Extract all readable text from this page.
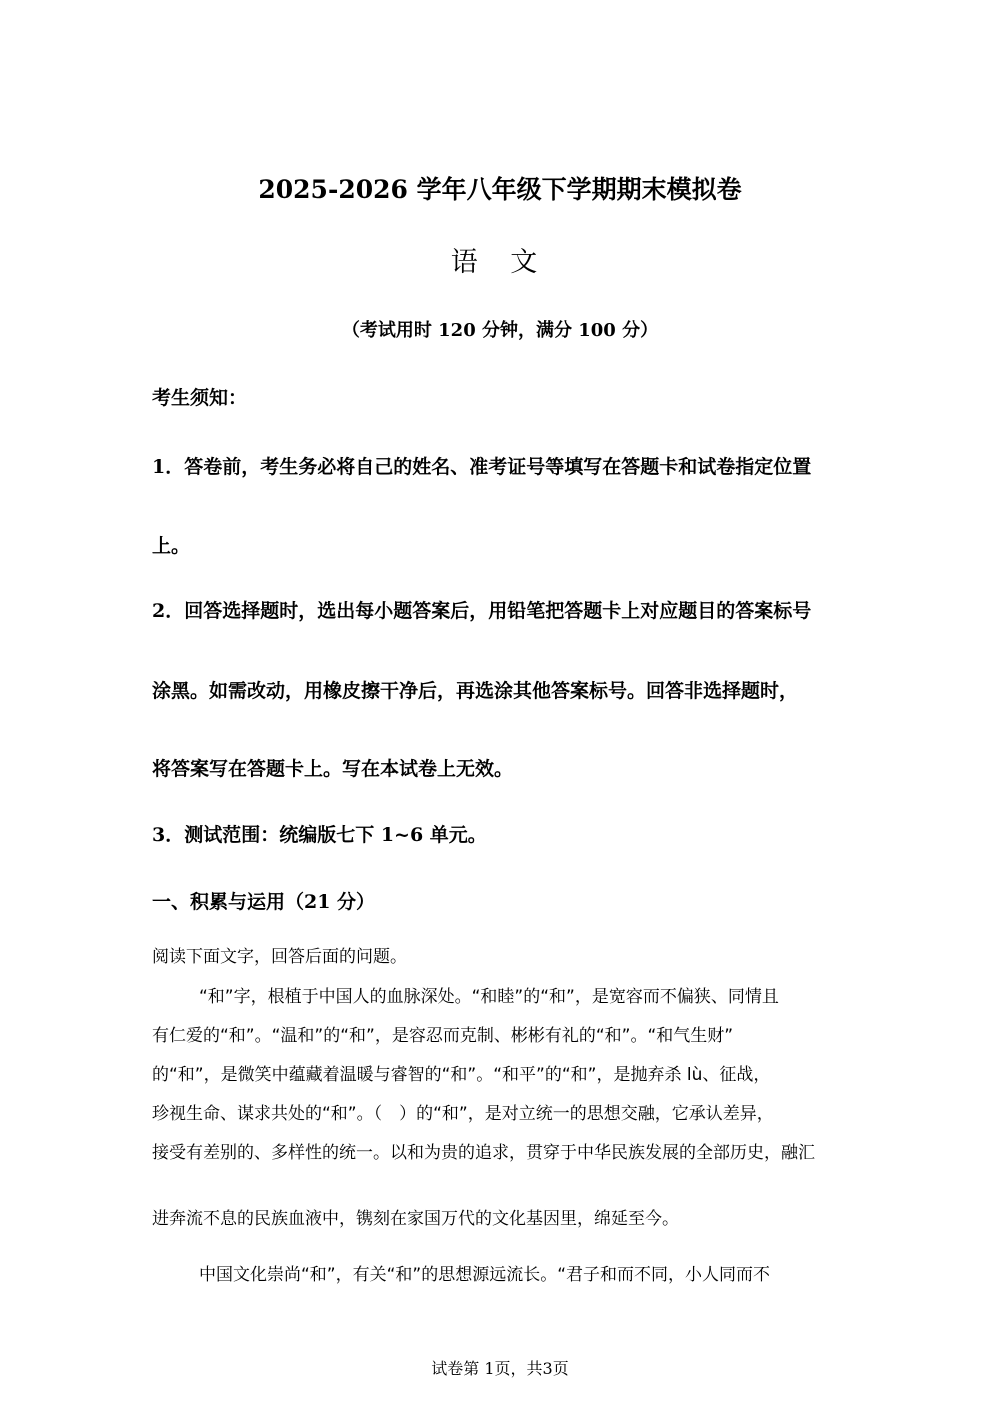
2025-2026 学年八年级下学期期末模拟卷
语 文
（考试用时 120 分钟，满分 100 分）
考生须知：
1．答卷前，考生务必将自己的姓名、准考证号等填写在答题卡和试卷指定位置
上。
2．回答选择题时，选出每小题答案后，用铅笔把答题卡上对应题目的答案标号
涂黑。如需改动，用橡皮擦干净后，再选涂其他答案标号。回答非选择题时，
将答案写在答题卡上。写在本试卷上无效。
3．测试范围：统编版七下 1~6 单元。
一、积累与运用（21 分）
阅读下面文字，回答后面的问题。
“和”字，根植于中国人的血脉深处。“和睦”的“和”，是宽容而不偏狭、同情且
有仁爱的“和”。“温和”的“和”，是容忍而克制、彬彬有礼的“和”。“和气生财”
的“和”，是微笑中蕴藏着温暖与睿智的“和”。“和平”的“和”，是抛弃杀 lù、征战，
珍视生命、谋求共处的“和”。（　）的“和”，是对立统一的思想交融，它承认差异，
接受有差别的、多样性的统一。以和为贵的追求，贯穿于中华民族发展的全部历史，融汇
进奔流不息的民族血液中，镌刻在家国万代的文化基因里，绵延至今。
中国文化崇尚“和”，有关“和”的思想源远流长。“君子和而不同，小人同而不
试卷第 1页，共3页
